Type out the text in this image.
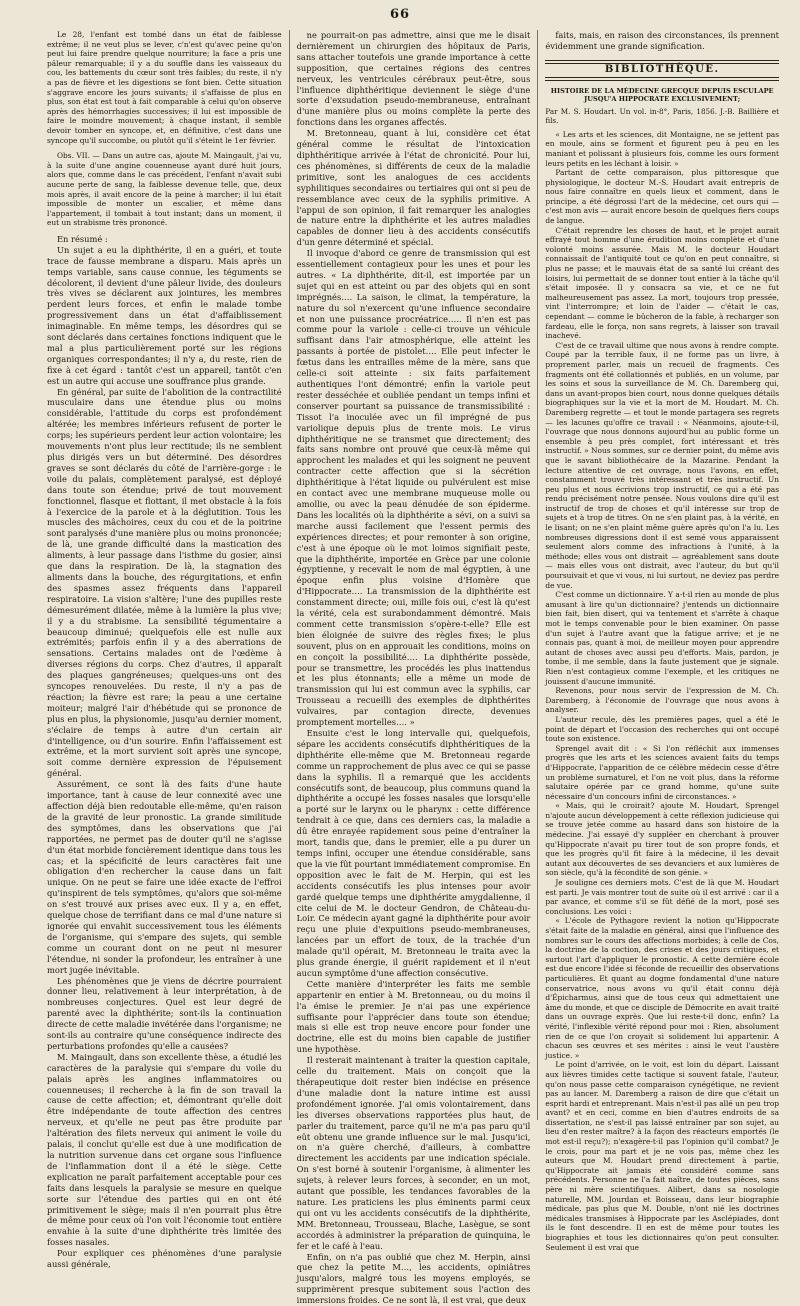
66

Le 28, l'enfant est tombé dans un état de faiblesse extrême; il ne veut plus se lever, c'n'est qu'avec peine qu'on peut lui faire prendre quelque nourriture; la face a pris une pâleur remarquable; il y a du souffle dans les vaisseaux du cou, les battements du cœur sont très faibles; du reste, il n'y a pas de fièvre et les digestions se font bien. Cette situation s'aggrave encore les jours suivants; il s'affaisse de plus en plus, son état est tout à fait comparable à celui qu'on observe après des hémorrhagies successives; il lui est impossible de faire le moindre mouvement; à chaque instant, il semble devoir tomber en syncope, et, en définitive, c'est dans une syncope qu'il succombe, ou plutôt qu'il s'éteint le 1er février.

Obs. VII. — Dans un autre cas, ajoute M. Maingault, j'ai vu, à la suite d'une angine couenneuse ayant duré huit jours, alors que, comme dans le cas précédent, l'enfant n'avait subi aucune perte de sang, la faiblesse devenue telle, que, deux mois après, il avait encore de la peine à marcher; il lui était impossible de monter un escalier, et même dans l'appartement, il tombait à tout instant; dans un moment, il eut un strabisme très prononcé.

En résumé :

Un sujet a eu la diphthérite, il en a guéri, et toute trace de fausse membrane a disparu. Mais après un temps variable, sans cause connue, les téguments se décolorent, il devient d'une pâleur livide, des douleurs très vives se déclarent aux jointures, les membres perdent leurs forces, et enfin le malade tombe progressivement dans un état d'affaiblissement inimaginable. En même temps, les désordres qui se sont déclarés dans certaines fonctions indiquent que le mal a plus particulièrement porté sur les régions organiques correspondantes; il n'y a, du reste, rien de fixe à cet égard : tantôt c'est un appareil, tantôt c'en est un autre qui accuse une souffrance plus grande.

En général, par suite de l'abolition de la contractilité musculaire dans une étendue plus ou moins considérable, l'attitude du corps est profondément altérée; les membres inférieurs refusent de porter le corps; les supérieurs perdent leur action volontaire; les mouvements n'ont plus leur rectitude; ils ne semblent plus dirigés vers un but déterminé. Des désordres graves se sont déclarés du côté de l'arrière-gorge : le voile du palais, complètement paralysé, est déployé dans toute son étendue; privé de tout mouvement fonctionnel, flasque et flottant, il met obstacle à la fois à l'exercice de la parole et à la déglutition. Tous les muscles des mâchoires, ceux du cou et de la poitrine sont paralysés d'une manière plus ou moins prononcée; de là, une grande difficulté dans la mastication des aliments, à leur passage dans l'isthme du gosier, ainsi que dans la respiration. De là, la stagnation des aliments dans la bouche, des régurgitations, et enfin des spasmes assez fréquents dans l'appareil respiratoire. La vision s'altère; l'une des pupilles reste démesurément dilatée, même à la lumière la plus vive; il y a du strabisme. La sensibilité tégumentaire a beaucoup diminué; quelquefois elle est nulle aux extrémités; parfois enfin il y a des aberrations de sensations. Certains malades ont de l'œdème à diverses régions du corps. Chez d'autres, il apparaît des plaques gangréneuses; quelques-uns ont des syncopes renouvelées. Du reste, il n'y a pas de réaction; la fièvre est rare; la peau a une certaine moiteur; malgré l'air d'hébétude qui se prononce de plus en plus, la physionomie, jusqu'au dernier moment, s'éclaire de temps à autre d'un certain air d'intelligence, ou d'un sourire. Enfin l'affaissement est extrême, et la mort survient soit après une syncope, soit comme dernière expression de l'épuisement général.

Assurément, ce sont là des faits d'une haute importance, tant à cause de leur connexité avec une affection déjà bien redoutable elle-même, qu'en raison de la gravité de leur pronostic. La grande similitude des symptômes, dans les observations que j'ai rapportées, ne permet pas de douter qu'il ne s'agisse d'un état morbide foncièrement identique dans tous les cas; et la spécificité de leurs caractères fait une obligation d'en rechercher la cause dans un fait unique. On ne peut se faire une idée exacte de l'effroi qu'inspirent de tels symptômes, qu'alors que soi-même on s'est trouvé aux prises avec eux. Il y a, en effet, quelque chose de terrifiant dans ce mal d'une nature si ignorée qui envahit successivement tous les éléments de l'organisme, qui s'empare des sujets, qui semble comme un courant dont on ne peut ni mesurer l'étendue, ni sonder la profondeur, les entraîner à une mort jugée inévitable.

Les phénomènes que je viens de décrire pourraient donner lieu, relativement à leur interprétation, à de nombreuses conjectures. Quel est leur degré de parenté avec la diphthérite; sont-ils la continuation directe de cette maladie invétérée dans l'organisme; ne sont-ils au contraire qu'une conséquence indirecte des perturbations profondes qu'elle a causées?

M. Maingault, dans son excellente thèse, a étudié les caractères de la paralysie qui s'empare du voile du palais après les angines inflammatoires ou couenneuses; il recherche à la fin de son travail la cause de cette affection; et, démontrant qu'elle doit être indépendante de toute affection des centres nerveux, et qu'elle ne peut pas être produite par l'altération des filets nerveux qui animent le voile du palais, il conclut qu'elle est due à une modification de la nutrition survenue dans cet organe sous l'influence de l'inflammation dont il a été le siège. Cette explication ne paraît parfaitement acceptable pour ces faits dans lesquels la paralysie se mesure en quelque sorte sur l'étendue des parties qui en ont été primitivement le siège; mais il n'en pourrait plus être de même pour ceux où l'on voit l'économie tout entière envahie à la suite d'une diphthérite très limitée des fosses nasales.

Pour expliquer ces phénomènes d'une paralysie aussi générale,

ne pourrait-on pas admettre, ainsi que me le disait dernièrement un chirurgien des hôpitaux de Paris, sans attacher toutefois une grande importance à cette supposition, que certaines régions des centres nerveux, les ventricules cérébraux peut-être, sous l'influence diphthéritique deviennent le siège d'une sorte d'exsudation pseudo-membraneuse, entraînant d'une manière plus ou moins complète la perte des fonctions dans les organes affectés.

M. Bretonneau, quant à lui, considère cet état général comme le résultat de l'intoxication diphthéritique arrivée à l'état de chronicité. Pour lui, ces phénomènes, si différents de ceux de la maladie primitive, sont les analogues de ces accidents syphilitiques secondaires ou tertiaires qui ont si peu de ressemblance avec ceux de la syphilis primitive. A l'appui de son opinion, il fait remarquer les analogies de nature entre la diphthérite et les autres maladies capables de donner lieu à des accidents consécutifs d'un genre déterminé et spécial.

Il invoque d'abord ce genre de transmission qui est essentiellement contagieux pour les unes et pour les autres. « La diphthérite, dit-il, est importée par un sujet qui en est atteint ou par des objets qui en sont imprégnés…. La saison, le climat, la température, la nature du sol n'exercent qu'une influence secondaire et non une puissance procréatrice….. Il n'en est pas comme pour la variole : celle-ci trouve un véhicule suffisant dans l'air atmosphérique, elle atteint les passants à portée de pistolet…. Elle peut infecter le fœtus dans les entrailles même de la mère, sans que celle-ci soit atteinte : six faits parfaitement authentiques l'ont démontré; enfin la variole peut rester desséchée et oubliée pendant un temps infini et conserver pourtant sa puissance de transmissibilité : Tissot l'a inoculée avec un fil imprégné de pus variolique depuis plus de trente mois. Le virus diphthéritique ne se transmet que directement; des faits sans nombre ont prouvé que ceux-là même qui approchent les malades et qui les soignent ne peuvent contracter cette affection que si la sécrétion diphthéritique à l'état liquide ou pulvérulent est mise en contact avec une membrane muqueuse molle ou amollie, ou avec la peau dénudée de son épiderme. Dans les localités où la diphthérite a sévi, on a suivi sa marche aussi facilement que l'essent permis des expériences directes; et pour remonter à son origine, c'est à une époque où le mot loimos signifiait peste, que la diphthérite, importée en Grèce par une colonie égyptienne, y recevait le nom de mal égyptien, à une époque enfin plus voisine d'Homère que d'Hippocrate…. La transmission de la diphthérite est constamment directe; oui, mille fois oui, c'est là qu'est la vérité, cela est surabondamment démontré. Mais comment cette transmission s'opère-t-elle? Elle est bien éloignée de suivre des règles fixes; le plus souvent, plus on en approuait les conditions, moins on en conçoit la possibilité…. La diphthérite possède, pour se transmettre, les procédés les plus inattendus et les plus étonnants; elle a même un mode de transmission qui lui est commun avec la syphilis, car Trousseau a recueilli des exemples de diphthérites vulvaires, par contagion directe, devenues promptement mortelles…. »

Ensuite c'est le long intervalle qui, quelquefois, sépare les accidents consécutifs diphthéritiques de la diphthérite elle-même que M. Bretonneau regarde comme un rapprochement de plus avec ce qui se passe dans la syphilis. Il a remarqué que les accidents consécutifs sont, de beaucoup, plus communs quand la diphthérite a occupé les fosses nasales que lorsqu'elle a porté sur le larynx ou le pharynx : cette différence tendrait à ce que, dans ces derniers cas, la maladie a dû être enrayée rapidement sous peine d'entraîner la mort, tandis que, dans le premier, elle a pu durer un temps infini, occuper une étendue considérable, sans que la vie fût pourtant immédiatement compromise. En opposition avec le fait de M. Herpin, qui est les accidents consécutifs les plus intenses pour avoir gardé quelque temps une diphthérite amygdalienne, il cite celui de M. le docteur Gendron, de Château-du-Loir. Ce médecin ayant gagné la diphthérite pour avoir reçu une pluie d'expuitions pseudo-membraneuses, lancées par un effort de toux, de la trachée d'un malade qu'il opérait, M. Bretonneau le traita avec la plus grande énergie, il guérit rapidement et il n'eut aucun symptôme d'une affection consécutive.

Cette manière d'interpréter les faits me semble appartenir en entier à M. Bretonneau, ou du moins il l'a émise le premier. Je n'ai pas une expérience suffisante pour l'apprécier dans toute son étendue; mais si elle est trop neuve encore pour fonder une doctrine, elle est du moins bien capable de justifier une hypothèse.

Il resterait maintenant à traiter la question capitale, celle du traitement. Mais on conçoit que la thérapeutique doit rester bien indécise en présence d'une maladie dont la nature intime est aussi profondément ignorée. J'ai omis volontairement, dans les diverses observations rapportées plus haut, de parler du traitement, parce qu'il ne m'a pas paru qu'il eût obtenu une grande influence sur le mal. Jusqu'ici, on n'a guère cherché, d'ailleurs, à combattre directement les accidents par une indication spéciale. On s'est borné à soutenir l'organisme, à alimenter les sujets, à relever leurs forces, à seconder, en un mot, autant que possible, les tendances favorables de la nature. Les praticiens les plus éminents parmi ceux qui ont vu les accidents consécutifs de la diphthérite, MM. Bretonneau, Trousseau, Blache, Lasègue, se sont accordés à administrer la préparation de quinquina, le fer et le café à l'eau.

Enfin, on n'a pas oublié que chez M. Herpin, ainsi que chez la petite M…, les accidents, opiniâtres jusqu'alors, malgré tous les moyens employés, se supprimèrent presque subitement sous l'action des immersions froides. Ce ne sont là, il est vrai, que deux

faits, mais, en raison des circonstances, ils prennent évidemment une grande signification.

BIBLIOTHÈQUE.
HISTOIRE DE LA MÉDECINE GRECQUE DEPUIS ESCULAPE JUSQU'A HIPPOCRATE EXCLUSIVEMENT;

Par M. S. Houdart. Un vol. in-8°, Paris, 1856. J.-B. Baillière et fils.

« Les arts et les sciences, dit Montaigne, ne se jettent pas en moule, ains se forment et figurent peu à peu en les maniant et polissant à plusieurs fois, comme les ours forment leurs petits en les léchant à loisir. »

Partant de cette comparaison, plus pittoresque que physiologique, le docteur M.-S. Houdart avait entrepris de nous faire connaître en quels lieux et comment, dans le principe, a été dégrossi l'art de la médecine, cet ours qui — c'est mon avis — aurait encore besoin de quelques fiers coups de langue.

C'était reprendre les choses de haut, et le projet aurait effrayé tout homme d'une érudition moins complète et d'une volonté moins assurée. Mais M. le docteur Houdart connaissait de l'antiquité tout ce qu'on en peut connaître, si plus ne passe; et le mauvais état de sa santé lui créant des loisirs, lui permettait de se donner tout entier à la tâche qu'il s'était imposée. Il y consacra sa vie, et ce ne fut malheureusement pas assez. La mort, toujours trop pressée, vint l'interrompre; et loin de l'aider — c'était le cas, cependant — comme le bûcheron de la fable, à recharger son fardeau, elle le força, non sans regrets, à laisser son travail inachevé.

C'est de ce travail ultime que nous avons à rendre compte. Coupé par la terrible faux, il ne forme pas un livre, à proprement parler, mais un recueil de fragments. Ces fragments ont été collationnés et publiés, en un volume, par les soins et sous la surveillance de M. Ch. Daremberg qui, dans un avant-propos bien court, nous donne quelques détails biographiques sur la vie et la mort de M. Houdart. M. Ch. Daremberg regrette — et tout le monde partagera ses regrets — les lacunes qu'offre ce travail : « Néanmoins, ajoute-t-il, l'ouvrage que nous donnons aujourd'hui au public forme un ensemble à peu près complet, fort intéressant et très instructif. » Nous sommes, sur ce dernier point, du même avis que le savant bibliothécaire de la Mazarine. Pendant la lecture attentive de cet ouvrage, nous l'avons, en effet, constamment trouvé très intéressant et très instructif. Un peu plus et nous écrivions trop instructif, ce qui a été pas rendu précisément notre pensée. Nous voulons dire qu'il est instructif de trop de choses et qu'il intéresse sur trop de sujets et à trop de titres. On ne s'en plaint pas, à la vérité, en le lisant; on ne s'en plaint même guère après qu'on l'a lu. Les nombreuses digressions dont il est semé vous apparaissent seulement alors comme des infractions à l'unité, à la méthode; elles vous ont distrait — agréablement sans doute — mais elles vous ont distrait, avec l'auteur, du but qu'il poursuivait et que vi vous, ni lui surtout, ne deviez pas perdre de vue.

C'est comme un dictionnaire. Y a-t-il rien au monde de plus amusant à lire qu'un dictionnaire? j'entends un dictionnaire bien fait, bien disert, qui va tentement et s'arrête à chaque mot le temps convenable pour le bien examiner. On passe d'un sujet à l'autre avant que la fatigue arrive; et je ne connais pas, quant à moi, de meilleur moyen pour apprendre autant de choses avec aussi peu d'efforts. Mais, pardon, je tombe, il me semble, dans la faute justement que je signale. Rien n'est contagieux comme l'exemple, et les critiques ne jouissent d'aucune immunité.

Revenons, pour nous servir de l'expression de M. Ch. Daremberg, à l'économie de l'ouvrage que nous avons à analyser.

L'auteur recule, dès les premières pages, quel a été le point de départ et l'occasion des recherches qui ont occupé toute son existence.

Sprengel avait dit : « Si l'on réfléchit aux immenses progrès que les arts et les sciences avaient faits du temps d'Hippocrate, l'apparition de ce célèbre médecin cesse d'être un problème surnaturel, et l'on ne voit plus, dans la réforme salutaire opérée par ce grand homme, qu'une suite nécessaire d'un concours infini de circonstances. »

« Mais, qui le croirait? ajoute M. Houdart, Sprengel n'ajoute aucun développement à cette réflexion judicieuse qui se trouve jetée comme au hasard dans son histoire de la médecine. J'ai essayé d'y suppléer en cherchant à prouver qu'Hippocrate n'avait pu tirer tout de son propre fonds, et que les progrès qu'il fit faire à la médecine, il les devait autant aux découvertes de ses devanciers et aux lumières de son siècle, qu'à la fécondité de son génie. »

Je souligne ces derniers mots. C'est de là que M. Houdart est parti. Je vais montrer tout de suite où il est arrivé : car il a par avance, et comme s'il se fût défié de la mort, posé ses conclusions. Les voici :

« L'école de Pythagore revient la notion qu'Hippocrate s'était faite de la maladie en général, ainsi que l'influence des nombres sur le cours des affections morbides; à celle de Cos, la doctrine de la coction, des crises et des jours critiques, et surtout l'art d'appliquer le pronostic. A cette dernière école est due encore l'idée si féconde de recueillir des observations particulières. Et quant au dogme fondamental d'une nature conservatrice, nous avons vu qu'il était connu déjà d'Épicharmus, ainsi que de tous ceux qui admettaient une âme du monde, et que ce disciple de Démocrite en avait traité dans un ouvrage exprès. Que lui reste-t-il donc, enfin? La vérité, l'inflexible vérité répond pour moi : Rien, absolument rien de ce que l'on croyait si solidement lui appartenir. A chacun ses œuvres et ses mérites : ainsi le veut l'austère justice. »

Le point d'arrivée, on le voit, est loin du départ. Laissant aux lièvres timides cette tactique si souvent fatale, l'auteur, qu'on nous passe cette comparaison cynégétique, ne revient pas au lancer. M. Daremberg a raison de dire que c'était un esprit hardi et entreprenant. Mais n'est-il pas allé un peu trop avant? et en ceci, comme en bien d'autres endroits de sa dissertation, ne s'est-il pas laissé entraîner par son sujet, au lieu d'en rester maître? à la façon des réacteurs emportés (le mot est-il reçu?); n'exagère-t-il pas l'opinion qu'il combat? Je le crois, pour ma part et je ne vois pas, même chez les auteurs que M. Houdart prend directement à partie, qu'Hippocrate ait jamais été considéré comme sans précédents. Personne ne l'a fait naître, de toutes pièces, sans père ni mère scientifiques. Alibert, dans sa nosologie naturelle, MM. Jourdan et Boisseau, dans leur biographie médicale, pas plus que M. Double, n'ont nié les doctrines médicales transmises à Hippocrate par les Asclépiades, dont ils le font descendre. Il en est de même pour toutes les biographies et tous les dictionnaires qu'on peut consulter. Seulement il est vrai que
